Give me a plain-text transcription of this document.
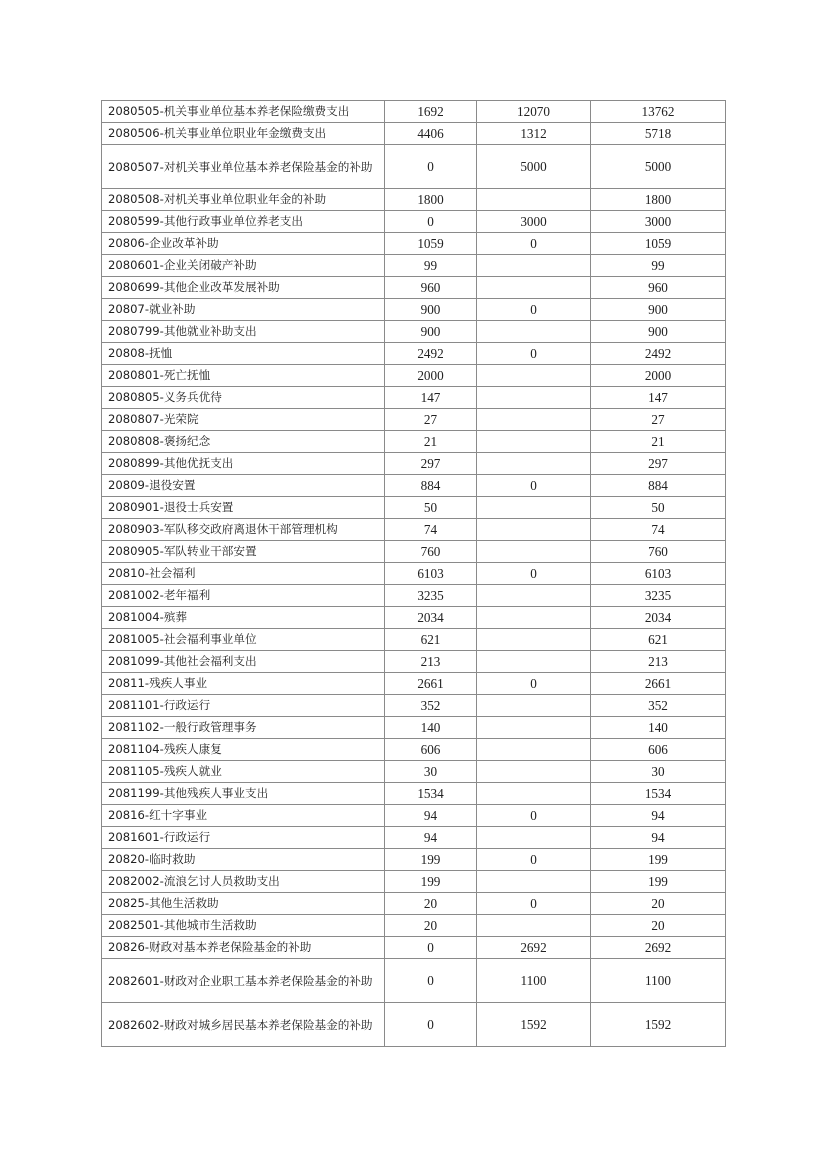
2080505-机关事业单位基本养老保险缴费支出	1692	12070	13762
2080506-机关事业单位职业年金缴费支出	4406	1312	5718
2080507-对机关事业单位基本养老保险基金的补助	0	5000	5000
2080508-对机关事业单位职业年金的补助	1800		1800
2080599-其他行政事业单位养老支出	0	3000	3000
20806-企业改革补助	1059	0	1059
2080601-企业关闭破产补助	99		99
2080699-其他企业改革发展补助	960		960
20807-就业补助	900	0	900
2080799-其他就业补助支出	900		900
20808-抚恤	2492	0	2492
2080801-死亡抚恤	2000		2000
2080805-义务兵优待	147		147
2080807-光荣院	27		27
2080808-褒扬纪念	21		21
2080899-其他优抚支出	297		297
20809-退役安置	884	0	884
2080901-退役士兵安置	50		50
2080903-军队移交政府离退休干部管理机构	74		74
2080905-军队转业干部安置	760		760
20810-社会福利	6103	0	6103
2081002-老年福利	3235		3235
2081004-殡葬	2034		2034
2081005-社会福利事业单位	621		621
2081099-其他社会福利支出	213		213
20811-残疾人事业	2661	0	2661
2081101-行政运行	352		352
2081102-一般行政管理事务	140		140
2081104-残疾人康复	606		606
2081105-残疾人就业	30		30
2081199-其他残疾人事业支出	1534		1534
20816-红十字事业	94	0	94
2081601-行政运行	94		94
20820-临时救助	199	0	199
2082002-流浪乞讨人员救助支出	199		199
20825-其他生活救助	20	0	20
2082501-其他城市生活救助	20		20
20826-财政对基本养老保险基金的补助	0	2692	2692
2082601-财政对企业职工基本养老保险基金的补助	0	1100	1100
2082602-财政对城乡居民基本养老保险基金的补助	0	1592	1592
